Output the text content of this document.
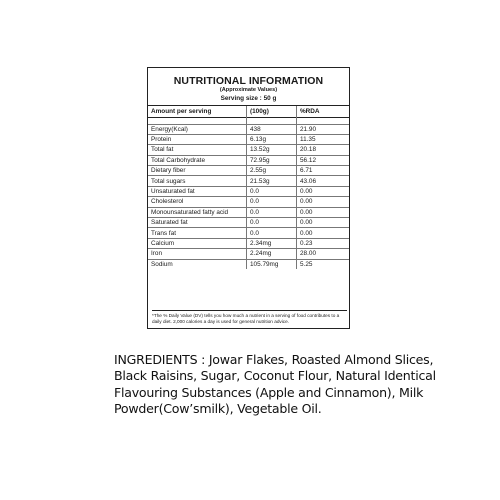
NUTRITIONAL INFORMATION
(Approximate Values)
Serving size : 50 g
Amount per serving	(100g)	%RDA

Energy(Kcal)	438	21.90
Protein	6.13g	11.35
Total fat	13.52g	20.18
Total Carbohydrate	72.95g	56.12
Dietary fiber	2.55g	6.71
Total sugars	21.53g	43.06
Unsaturated fat	0.0	0.00
Cholesterol	0.0	0.00
Monounsaturated fatty acid	0.0	0.00
Saturated fat	0.0	0.00
Trans fat	0.0	0.00
Calcium	2.34mg	0.23
Iron	2.24mg	28.00
Sodium	105.79mg	5.25
*The % Daily Value (DV) tells you how much a nutrient in a serving of food contributes to a daily diet. 2,000 calories a day is used for general nutrition advice.
INGREDIENTS : Jowar Flakes, Roasted Almond Slices, Black Raisins, Sugar, Coconut Flour, Natural Identical Flavouring Substances (Apple and Cinnamon), Milk Powder(Cow’smilk), Vegetable Oil.
